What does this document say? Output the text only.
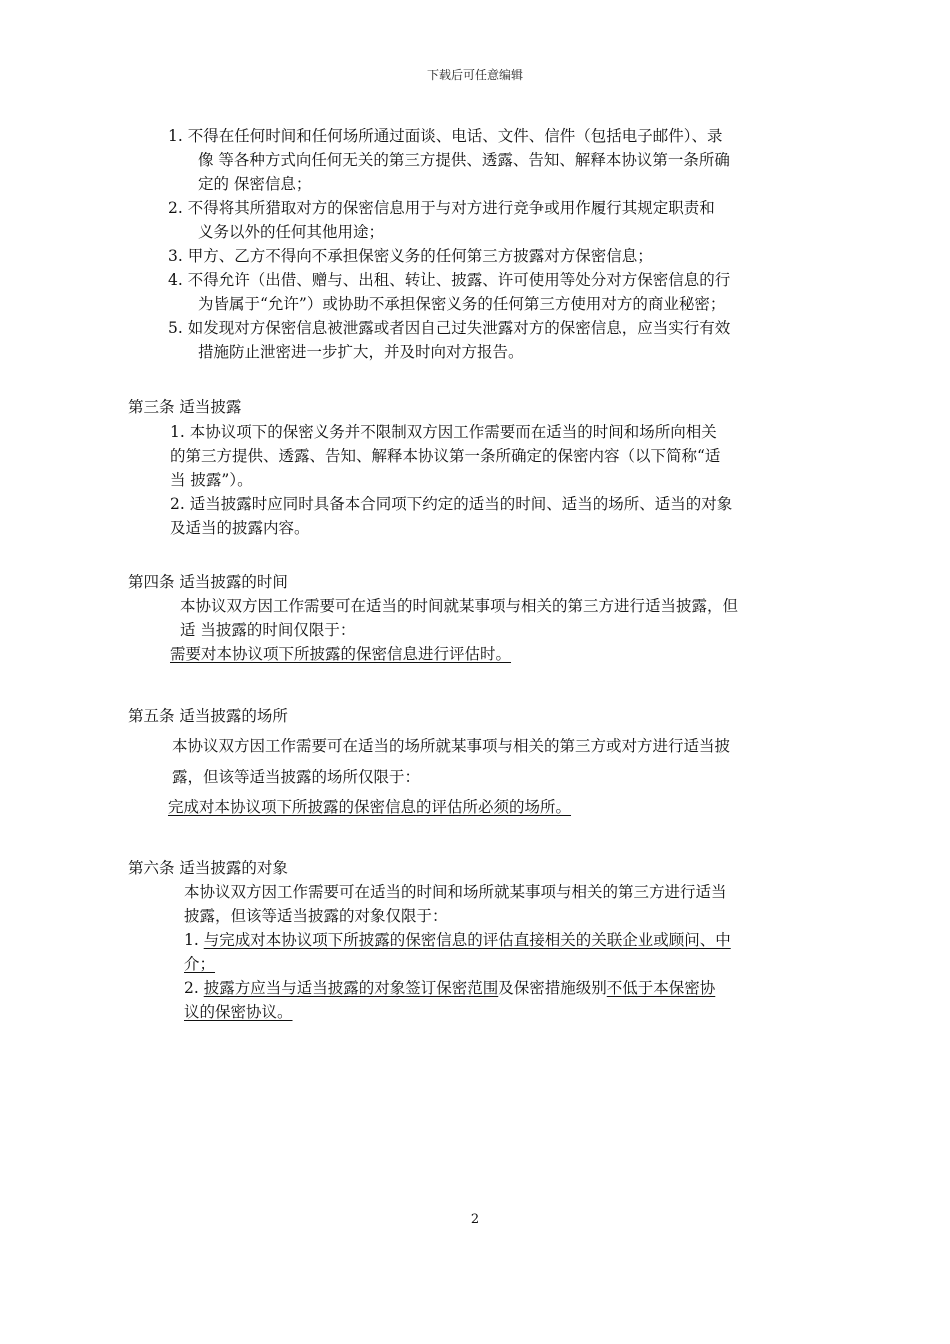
下载后可任意编辑
1. 不得在任何时间和任何场所通过面谈、电话、文件、信件（包括电子邮件）、录
像 等各种方式向任何无关的第三方提供、透露、告知、解释本协议第一条所确
定的 保密信息；
2. 不得将其所猎取对方的保密信息用于与对方进行竞争或用作履行其规定职责和
义务以外的任何其他用途；
3. 甲方、乙方不得向不承担保密义务的任何第三方披露对方保密信息；
4. 不得允许（出借、赠与、出租、转让、披露、许可使用等处分对方保密信息的行
为皆属于“允许”）或协助不承担保密义务的任何第三方使用对方的商业秘密；
5. 如发现对方保密信息被泄露或者因自己过失泄露对方的保密信息，应当实行有效
措施防止泄密进一步扩大，并及时向对方报告。
第三条 适当披露
1. 本协议项下的保密义务并不限制双方因工作需要而在适当的时间和场所向相关
的第三方提供、透露、告知、解释本协议第一条所确定的保密内容（以下简称“适
当 披露”）。
2. 适当披露时应同时具备本合同项下约定的适当的时间、适当的场所、适当的对象
及适当的披露内容。
第四条 适当披露的时间
本协议双方因工作需要可在适当的时间就某事项与相关的第三方进行适当披露，但
适 当披露的时间仅限于：
需要对本协议项下所披露的保密信息进行评估时。
第五条 适当披露的场所
本协议双方因工作需要可在适当的场所就某事项与相关的第三方或对方进行适当披
露，但该等适当披露的场所仅限于：
完成对本协议项下所披露的保密信息的评估所必须的场所。
第六条 适当披露的对象
本协议双方因工作需要可在适当的时间和场所就某事项与相关的第三方进行适当
披露，但该等适当披露的对象仅限于：
1. 与完成对本协议项下所披露的保密信息的评估直接相关的关联企业或顾问、中
介；
2. 披露方应当与适当披露的对象签订保密范围及保密措施级别不低于本保密协
议的保密协议。
2
